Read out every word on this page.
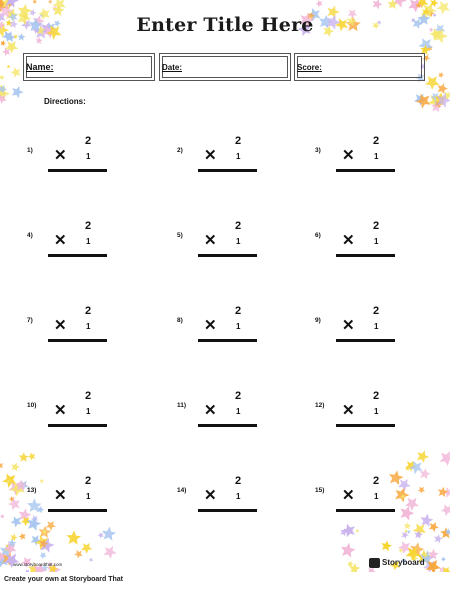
Enter Title Here
Name:	Date:	Score:
Directions:
1)
2
✕ 1
2)
2
✕ 1
3)
2
✕ 1
4)
2
✕ 1
5)
2
✕ 1
6)
2
✕ 1
7)
2
✕ 1
8)
2
✕ 1
9)
2
✕ 1
10)
2
✕ 1
11)
2
✕ 1
12)
2
✕ 1
13)
2
✕ 1
14)
2
✕ 1
15)
2
✕ 1
www.storyboardthat.com	Storyboard
Create your own at Storyboard That
